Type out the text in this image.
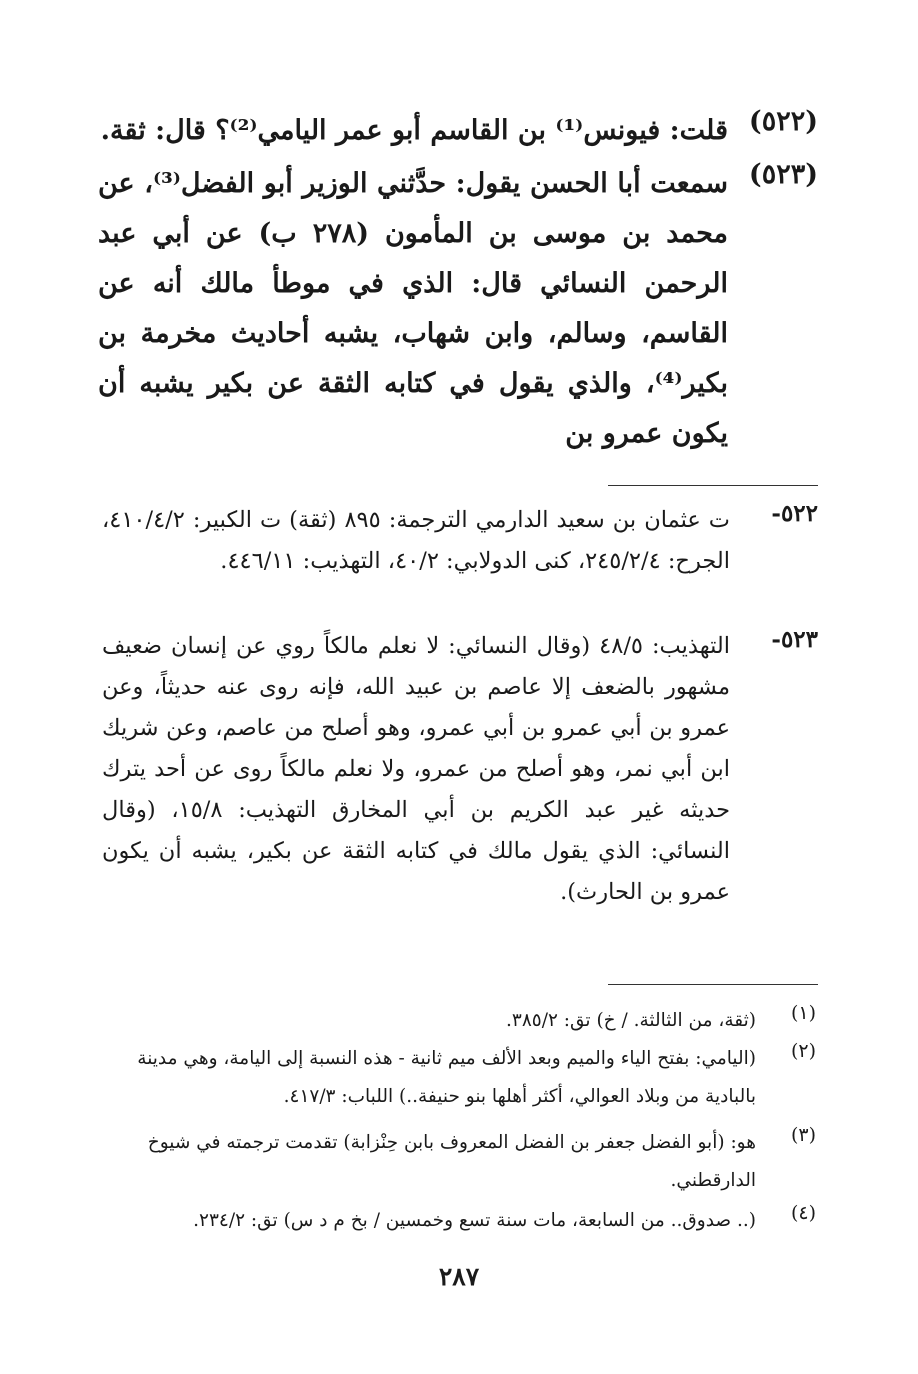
(٥٢٢)
قلت: فيونس⁽¹⁾ بن القاسم أبو عمر اليامي⁽²⁾؟ قال: ثقة.
(٥٢٣)
سمعت أبا الحسن يقول: حدَّثني الوزير أبو الفضل⁽³⁾، عن محمد بن موسى بن المأمون (٢٧٨ ب) عن أبي عبد الرحمن النسائي قال: الذي في موطأ مالك أنه عن القاسم، وسالم، وابن شهاب، يشبه أحاديث مخرمة بن بكير⁽⁴⁾، والذي يقول في كتابه الثقة عن بكير يشبه أن يكون عمرو بن
٥٢٢-
ت عثمان بن سعيد الدارمي الترجمة: ٨٩٥ (ثقة) ت الكبير: ٤١٠/٤/٢، الجرح: ٢٤٥/٢/٤، كنى الدولابي: ٤٠/٢، التهذيب: ٤٤٦/١١.
٥٢٣-
التهذيب: ٤٨/٥ (وقال النسائي: لا نعلم مالكاً روي عن إنسان ضعيف مشهور بالضعف إلا عاصم بن عبيد الله، فإنه روى عنه حديثاً، وعن عمرو بن أبي عمرو بن أبي عمرو، وهو أصلح من عاصم، وعن شريك ابن أبي نمر، وهو أصلح من عمرو، ولا نعلم مالكاً روى عن أحد يترك حديثه غير عبد الكريم بن أبي المخارق التهذيب: ١٥/٨، (وقال النسائي: الذي يقول مالك في كتابه الثقة عن بكير، يشبه أن يكون عمرو بن الحارث).
(١)
(ثقة، من الثالثة. / خ) تق: ٣٨٥/٢.
(٢)
(اليامي: بفتح الياء والميم وبعد الألف ميم ثانية - هذه النسبة إلى اليامة، وهي مدينة بالبادية من وبلاد العوالي، أكثر أهلها بنو حنيفة..) اللباب: ٤١٧/٣.
(٣)
هو: (أبو الفضل جعفر بن الفضل المعروف بابن حِنْزابة) تقدمت ترجمته في شيوخ الدارقطني.
(٤)
(.. صدوق.. من السابعة، مات سنة تسع وخمسين / بخ م د س) تق: ٢٣٤/٢.
٢٨٧
